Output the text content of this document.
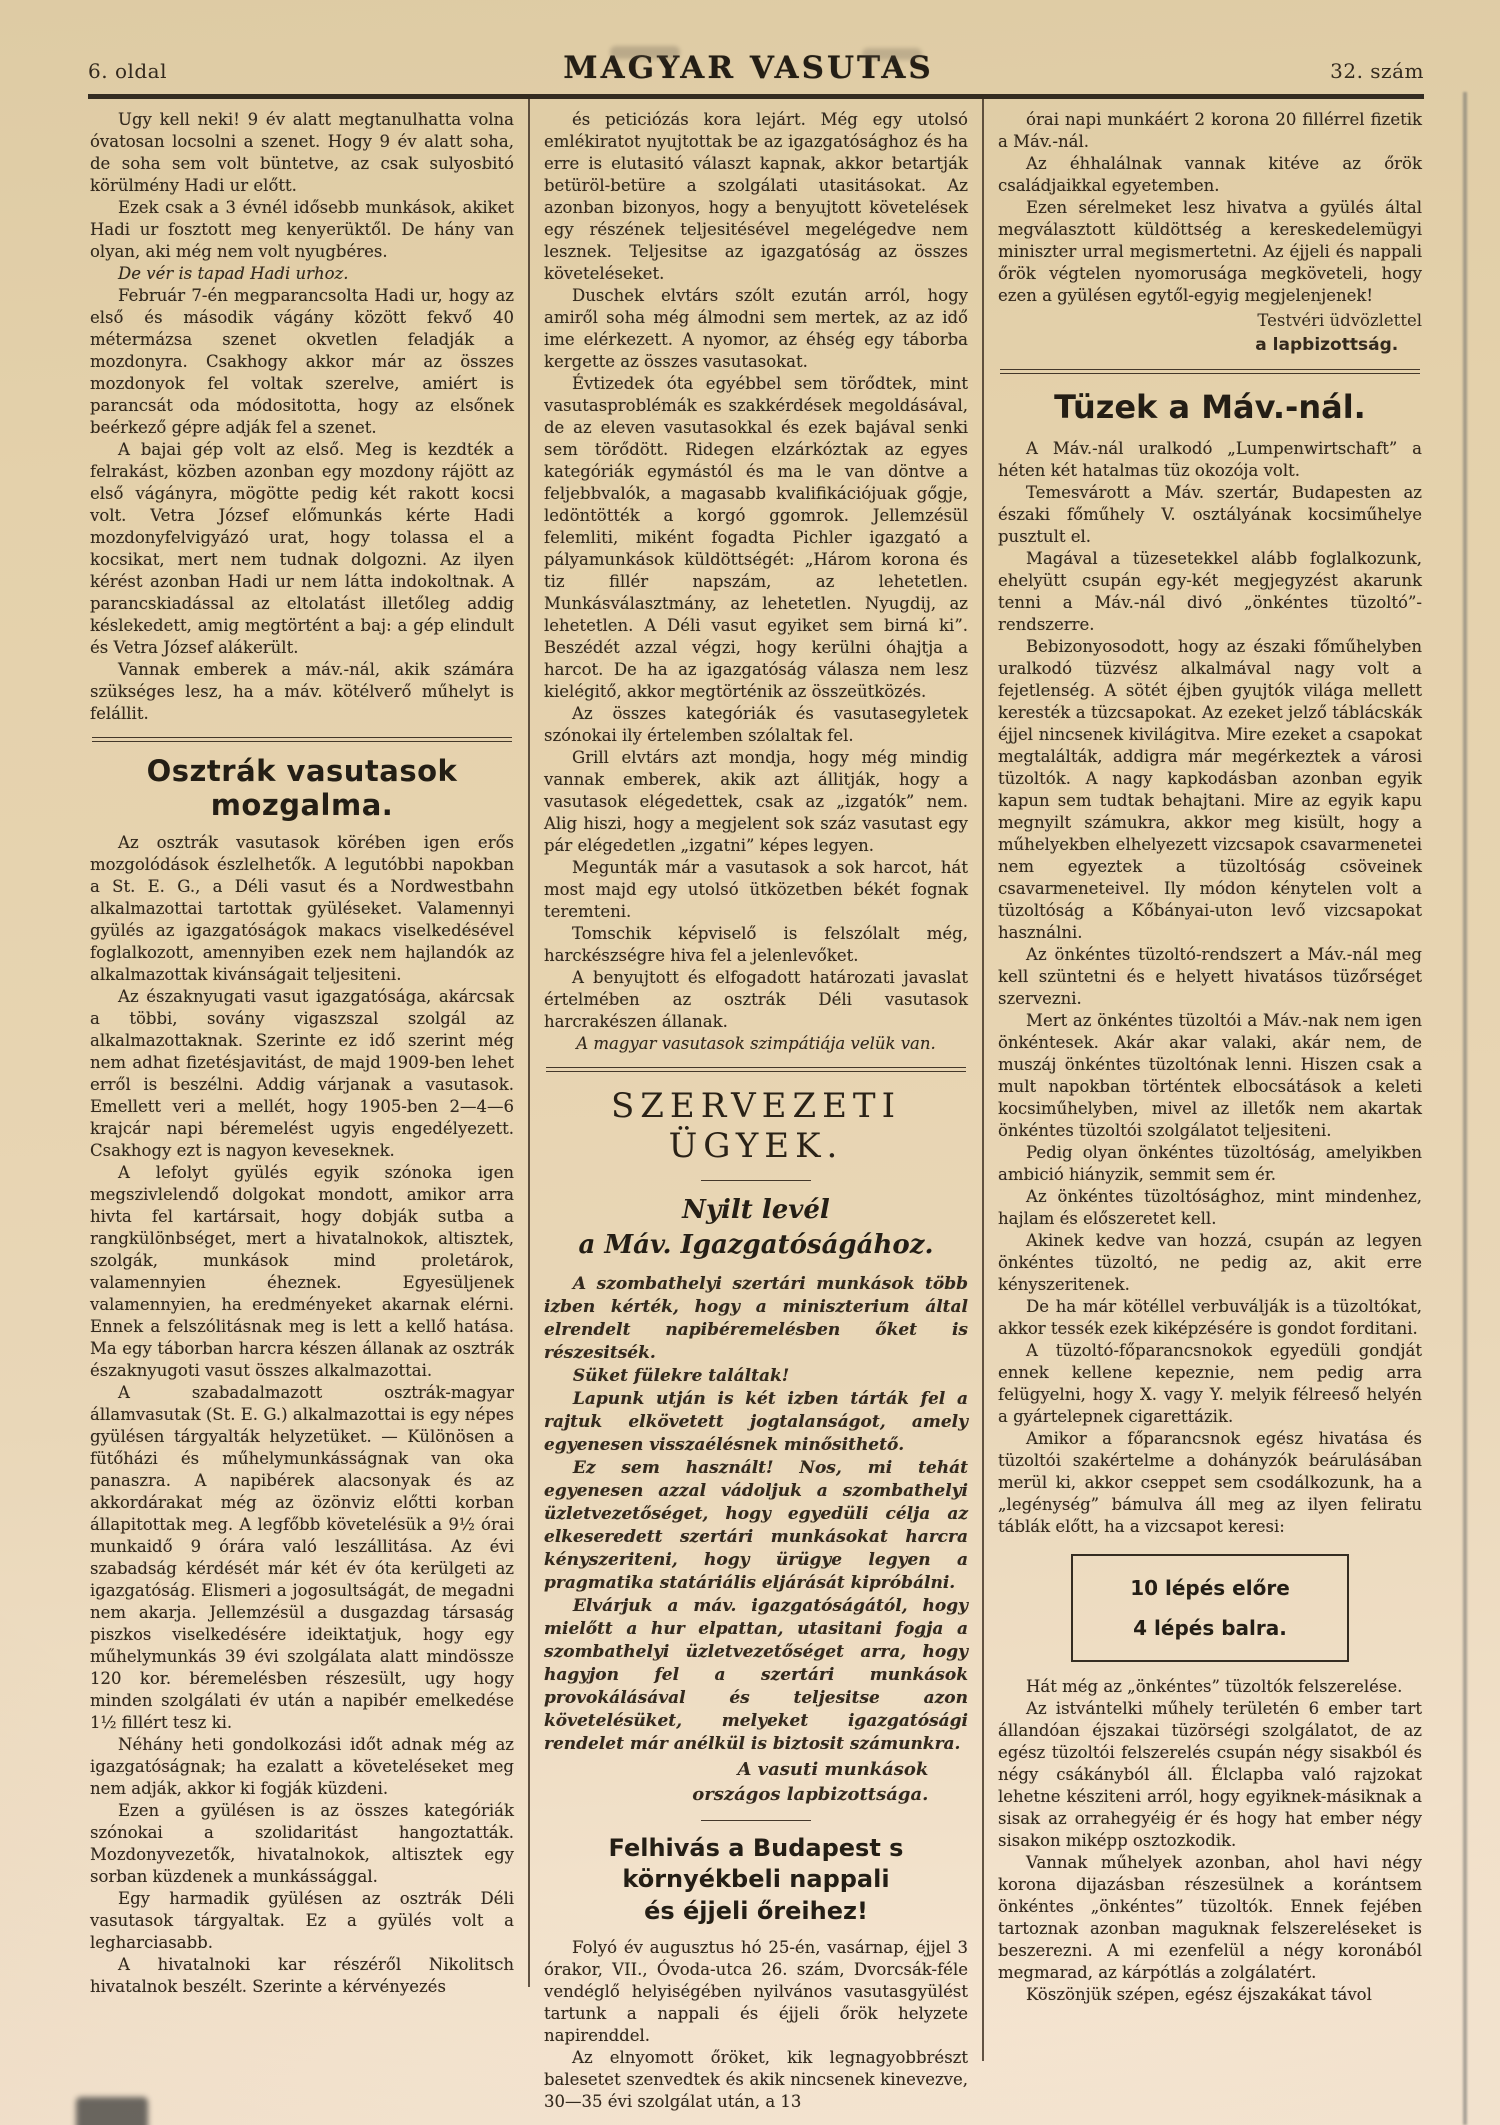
6. oldal	MAGYAR VASUTAS	32. szám

Ugy kell neki! 9 év alatt megtanulhatta volna óvatosan locsolni a szenet. Hogy 9 év alatt soha, de soha sem volt büntetve, az csak sulyosbitó körülmény Hadi ur előtt.

Ezek csak a 3 évnél idősebb munkások, akiket Hadi ur fosztott meg kenyerüktől. De hány van olyan, aki még nem volt nyugbéres.

De vér is tapad Hadi urhoz.

Február 7-én megparancsolta Hadi ur, hogy az első és második vágány között fekvő 40 métermázsa szenet okvetlen feladják a mozdonyra. Csakhogy akkor már az összes mozdonyok fel voltak szerelve, amiért is parancsát oda módositotta, hogy az elsőnek beérkező gépre adják fel a szenet.

A bajai gép volt az első. Meg is kezdték a felrakást, közben azonban egy mozdony rájött az első vágányra, mögötte pedig két rakott kocsi volt. Vetra József előmunkás kérte Hadi mozdonyfelvigyázó urat, hogy tolassa el a kocsikat, mert nem tudnak dolgozni. Az ilyen kérést azonban Hadi ur nem látta indokoltnak. A parancskiadással az eltolatást illetőleg addig késlekedett, amig megtörtént a baj: a gép elindult és Vetra József alákerült.

Vannak emberek a máv.-nál, akik számára szükséges lesz, ha a máv. kötélverő műhelyt is felállit.

Osztrák vasutasok mozgalma.

Az osztrák vasutasok körében igen erős mozgolódások észlelhetők. A legutóbbi napokban a St. E. G., a Déli vasut és a Nordwestbahn alkalmazottai tartottak gyüléseket. Valamennyi gyülés az igazgatóságok makacs viselkedésével foglalkozott, amennyiben ezek nem hajlandók az alkalmazottak kivánságait teljesiteni.

Az északnyugati vasut igazgatósága, akárcsak a többi, sovány vigaszszal szolgál az alkalmazottaknak. Szerinte ez idő szerint még nem adhat fizetésjavitást, de majd 1909-ben lehet erről is beszélni. Addig várjanak a vasutasok. Emellett veri a mellét, hogy 1905-ben 2—4—6 krajcár napi béremelést ugyis engedélyezett. Csakhogy ezt is nagyon keveseknek.

A lefolyt gyülés egyik szónoka igen megszivlelendő dolgokat mondott, amikor arra hivta fel kartársait, hogy dobják sutba a rangkülönbséget, mert a hivatalnokok, altisztek, szolgák, munkások mind proletárok, valamennyien éheznek. Egyesüljenek valamennyien, ha eredményeket akarnak elérni. Ennek a felszólitásnak meg is lett a kellő hatása. Ma egy táborban harcra készen állanak az osztrák északnyugoti vasut összes alkalmazottai.

A szabadalmazott osztrák-magyar államvasutak (St. E. G.) alkalmazottai is egy népes gyülésen tárgyalták helyzetüket. — Különösen a fütőházi és műhelymunkásságnak van oka panaszra. A napibérek alacsonyak és az akkordárakat még az özönviz előtti korban állapitottak meg. A legfőbb követelésük a 9½ órai munkaidő 9 órára való leszállitása. Az évi szabadság kérdését már két év óta kerülgeti az igazgatóság. Elismeri a jogosultságát, de megadni nem akarja. Jellemzésül a dusgazdag társaság piszkos viselkedésére ideiktatjuk, hogy egy műhelymunkás 39 évi szolgálata alatt mindössze 120 kor. béremelésben részesült, ugy hogy minden szolgálati év után a napibér emelkedése 1½ fillért tesz ki.

Néhány heti gondolkozási időt adnak még az igazgatóságnak; ha ezalatt a követeléseket meg nem adják, akkor ki fogják küzdeni.

Ezen a gyülésen is az összes kategóriák szónokai a szolidaritást hangoztatták. Mozdonyvezetők, hivatalnokok, altisztek egy sorban küzdenek a munkássággal.

Egy harmadik gyülésen az osztrák Déli vasutasok tárgyaltak. Ez a gyülés volt a legharciasabb.

A hivatalnoki kar részéről Nikolitsch hivatalnok beszélt. Szerinte a kérvényezés

és peticiózás kora lejárt. Még egy utolsó emlékiratot nyujtottak be az igazgatósághoz és ha erre is elutasitó választ kapnak, akkor betartják betüröl-betüre a szolgálati utasitásokat. Az azonban bizonyos, hogy a benyujtott követelések egy részének teljesitésével megelégedve nem lesznek. Teljesitse az igazgatóság az összes követeléseket.

Duschek elvtárs szólt ezután arról, hogy amiről soha még álmodni sem mertek, az az idő ime elérkezett. A nyomor, az éhség egy táborba kergette az összes vasutasokat.

Évtizedek óta egyébbel sem törődtek, mint vasutasproblémák es szakkérdések megoldásával, de az eleven vasutasokkal és ezek bajával senki sem törődött. Ridegen elzárkóztak az egyes kategóriák egymástól és ma le van döntve a feljebbvalók, a magasabb kvalifikációjuak gőgje, ledöntötték a korgó ggomrok. Jellemzésül felemliti, miként fogadta Pichler igazgató a pályamunkások küldöttségét: „Három korona és tiz fillér napszám, az lehetetlen. Munkásválasztmány, az lehetetlen. Nyugdij, az lehetetlen. A Déli vasut egyiket sem birná ki”. Beszédét azzal végzi, hogy kerülni óhajtja a harcot. De ha az igazgatóság válasza nem lesz kielégitő, akkor megtörténik az összeütközés.

Az összes kategóriák és vasutasegyletek szónokai ily értelemben szólaltak fel.

Grill elvtárs azt mondja, hogy még mindig vannak emberek, akik azt állitják, hogy a vasutasok elégedettek, csak az „izgatók” nem. Alig hiszi, hogy a megjelent sok száz vasutast egy pár elégedetlen „izgatni” képes legyen.

Megunták már a vasutasok a sok harcot, hát most majd egy utolsó ütközetben békét fognak teremteni.

Tomschik képviselő is felszólalt még, harckészségre hiva fel a jelenlevőket.

A benyujtott és elfogadott határozati javaslat értelmében az osztrák Déli vasutasok harcrakészen állanak.

A magyar vasutasok szimpátiája velük van.

SZERVEZETI ÜGYEK.
Nyilt levél
a Máv. Igazgatóságához.

A szombathelyi szertári munkások több izben kérték, hogy a miniszterium által elrendelt napibéremelésben őket is részesitsék.

Süket fülekre találtak!

Lapunk utján is két izben tárták fel a rajtuk elkövetett jogtalanságot, amely egyenesen visszaélésnek minősithető.

Ez sem használt! Nos, mi tehát egyenesen azzal vádoljuk a szombathelyi üzletvezetőséget, hogy egyedüli célja az elkeseredett szertári munkásokat harcra kényszeriteni, hogy ürügye legyen a pragmatika statáriális eljárását kipróbálni.

Elvárjuk a máv. igazgatóságától, hogy mielőtt a hur elpattan, utasitani fogja a szombathelyi üzletvezetőséget arra, hogy hagyjon fel a szertári munkások provokálásával és teljesitse azon követelésüket, melyeket igazgatósági rendelet már anélkül is biztosit számunkra.

A vasuti munkások

országos lapbizottsága.

Felhivás a Budapest s környékbeli nappali
és éjjeli őreihez!

Folyó év augusztus hó 25-én, vasárnap, éjjel 3 órakor, VII., Óvoda-utca 26. szám, Dvorcsák-féle vendéglő helyiségében nyilvános vasutasgyülést tartunk a nappali és éjjeli őrök helyzete napirenddel.

Az elnyomott őröket, kik legnagyobbrészt balesetet szenvedtek és akik nincsenek kinevezve, 30—35 évi szolgálat után, a 13

órai napi munkáért 2 korona 20 fillérrel fizetik a Máv.-nál.

Az éhhalálnak vannak kitéve az őrök családjaikkal egyetemben.

Ezen sérelmeket lesz hivatva a gyülés által megválasztott küldöttség a kereskedelemügyi miniszter urral megismertetni. Az éjjeli és nappali őrök végtelen nyomorusága megköveteli, hogy ezen a gyülésen egytől-egyig megjelenjenek!

Testvéri üdvözlettel

a lapbizottság.

Tüzek a Máv.-nál.

A Máv.-nál uralkodó „Lumpenwirtschaft” a héten két hatalmas tüz okozója volt.

Temesvárott a Máv. szertár, Budapesten az északi főműhely V. osztályának kocsiműhelye pusztult el.

Magával a tüzesetekkel alább foglalkozunk, ehelyütt csupán egy-két megjegyzést akarunk tenni a Máv.-nál divó „önkéntes tüzoltó”-rendszerre.

Bebizonyosodott, hogy az északi főműhelyben uralkodó tüzvész alkalmával nagy volt a fejetlenség. A sötét éjben gyujtók világa mellett keresték a tüzcsapokat. Az ezeket jelző táblácskák éjjel nincsenek kivilágitva. Mire ezeket a csapokat megtalálták, addigra már megérkeztek a városi tüzoltók. A nagy kapkodásban azonban egyik kapun sem tudtak behajtani. Mire az egyik kapu megnyilt számukra, akkor meg kisült, hogy a műhelyekben elhelyezett vizcsapok csavarmenetei nem egyeztek a tüzoltóság csöveinek csavarmeneteivel. Ily módon kénytelen volt a tüzoltóság a Kőbányai-uton levő vizcsapokat használni.

Az önkéntes tüzoltó-rendszert a Máv.-nál meg kell szüntetni és e helyett hivatásos tüzőrséget szervezni.

Mert az önkéntes tüzoltói a Máv.-nak nem igen önkéntesek. Akár akar valaki, akár nem, de muszáj önkéntes tüzoltónak lenni. Hiszen csak a mult napokban történtek elbocsátások a keleti kocsiműhelyben, mivel az illetők nem akartak önkéntes tüzoltói szolgálatot teljesiteni.

Pedig olyan önkéntes tüzoltóság, amelyikben ambició hiányzik, semmit sem ér.

Az önkéntes tüzoltósághoz, mint mindenhez, hajlam és előszeretet kell.

Akinek kedve van hozzá, csupán az legyen önkéntes tüzoltó, ne pedig az, akit erre kényszeritenek.

De ha már kötéllel verbuválják is a tüzoltókat, akkor tessék ezek kiképzésére is gondot forditani.

A tüzoltó-főparancsnokok egyedüli gondját ennek kellene kepeznie, nem pedig arra felügyelni, hogy X. vagy Y. melyik félreeső helyén a gyártelepnek cigarettázik.

Amikor a főparancsnok egész hivatása és tüzoltói szakértelme a dohányzók beárulásában merül ki, akkor cseppet sem csodálkozunk, ha a „legénység” bámulva áll meg az ilyen feliratu táblák előtt, ha a vizcsapot keresi:

10 lépés előre
4 lépés balra.

Hát még az „önkéntes” tüzoltók felszerelése.

Az istvántelki műhely területén 6 ember tart állandóan éjszakai tüzörségi szolgálatot, de az egész tüzoltói felszerelés csupán négy sisakból és négy csákányból áll. Élclapba való rajzokat lehetne késziteni arról, hogy egyiknek-másiknak a sisak az orrahegyéig ér és hogy hat ember négy sisakon miképp osztozkodik.

Vannak műhelyek azonban, ahol havi négy korona dijazásban részesülnek a korántsem önkéntes „önkéntes” tüzoltók. Ennek fejében tartoznak azonban maguknak felszereléseket is beszerezni. A mi ezenfelül a négy koronából megmarad, az kárpótlás a zolgálatért.

Köszönjük szépen, egész éjszakákat távol
